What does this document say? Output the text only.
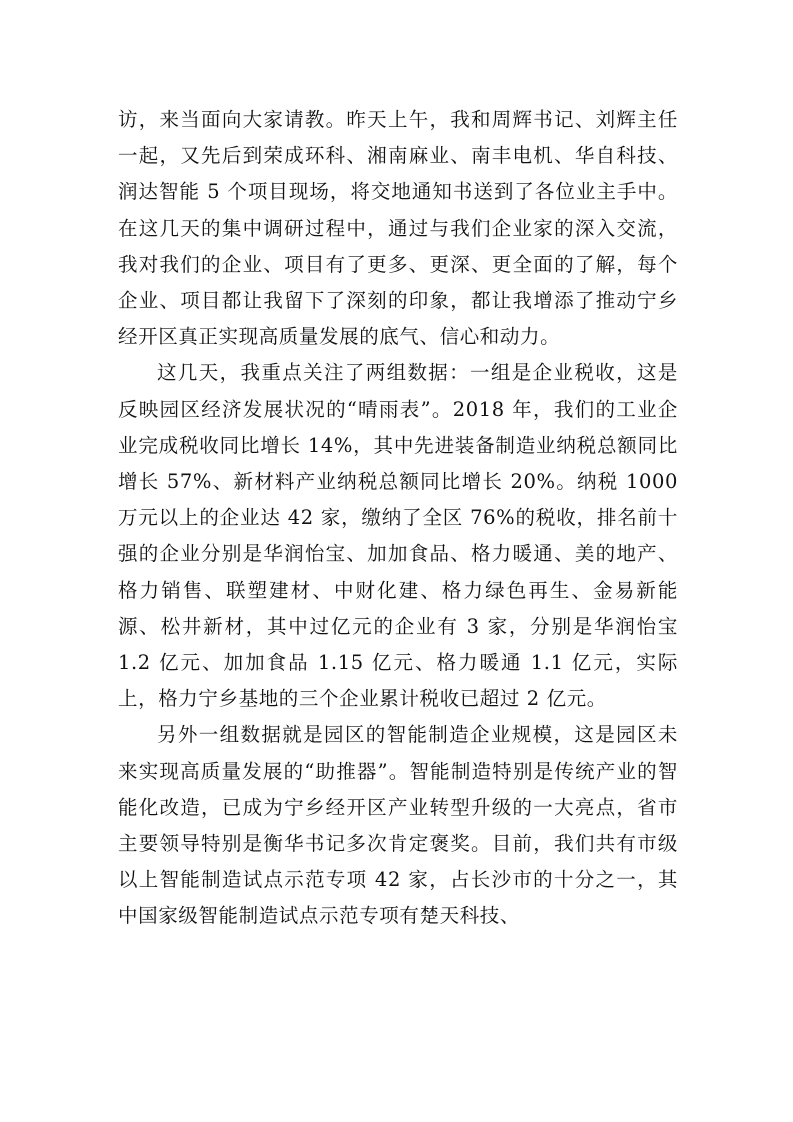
访，来当面向大家请教。昨天上午，我和周辉书记、刘辉主任一起，又先后到荣成环科、湘南麻业、南丰电机、华自科技、润达智能 5 个项目现场，将交地通知书送到了各位业主手中。在这几天的集中调研过程中，通过与我们企业家的深入交流，我对我们的企业、项目有了更多、更深、更全面的了解，每个企业、项目都让我留下了深刻的印象，都让我增添了推动宁乡经开区真正实现高质量发展的底气、信心和动力。

这几天，我重点关注了两组数据：一组是企业税收，这是反映园区经济发展状况的“晴雨表”。2018 年，我们的工业企业完成税收同比增长 14%，其中先进装备制造业纳税总额同比增长 57%、新材料产业纳税总额同比增长 20%。纳税 1000 万元以上的企业达 42 家，缴纳了全区 76%的税收，排名前十强的企业分别是华润怡宝、加加食品、格力暖通、美的地产、格力销售、联塑建材、中财化建、格力绿色再生、金易新能源、松井新材，其中过亿元的企业有 3 家，分别是华润怡宝 1.2 亿元、加加食品 1.15 亿元、格力暖通 1.1 亿元，实际上，格力宁乡基地的三个企业累计税收已超过 2 亿元。

另外一组数据就是园区的智能制造企业规模，这是园区未来实现高质量发展的“助推器”。智能制造特别是传统产业的智能化改造，已成为宁乡经开区产业转型升级的一大亮点，省市主要领导特别是衡华书记多次肯定褒奖。目前，我们共有市级以上智能制造试点示范专项 42 家，占长沙市的十分之一，其中国家级智能制造试点示范专项有楚天科技、
